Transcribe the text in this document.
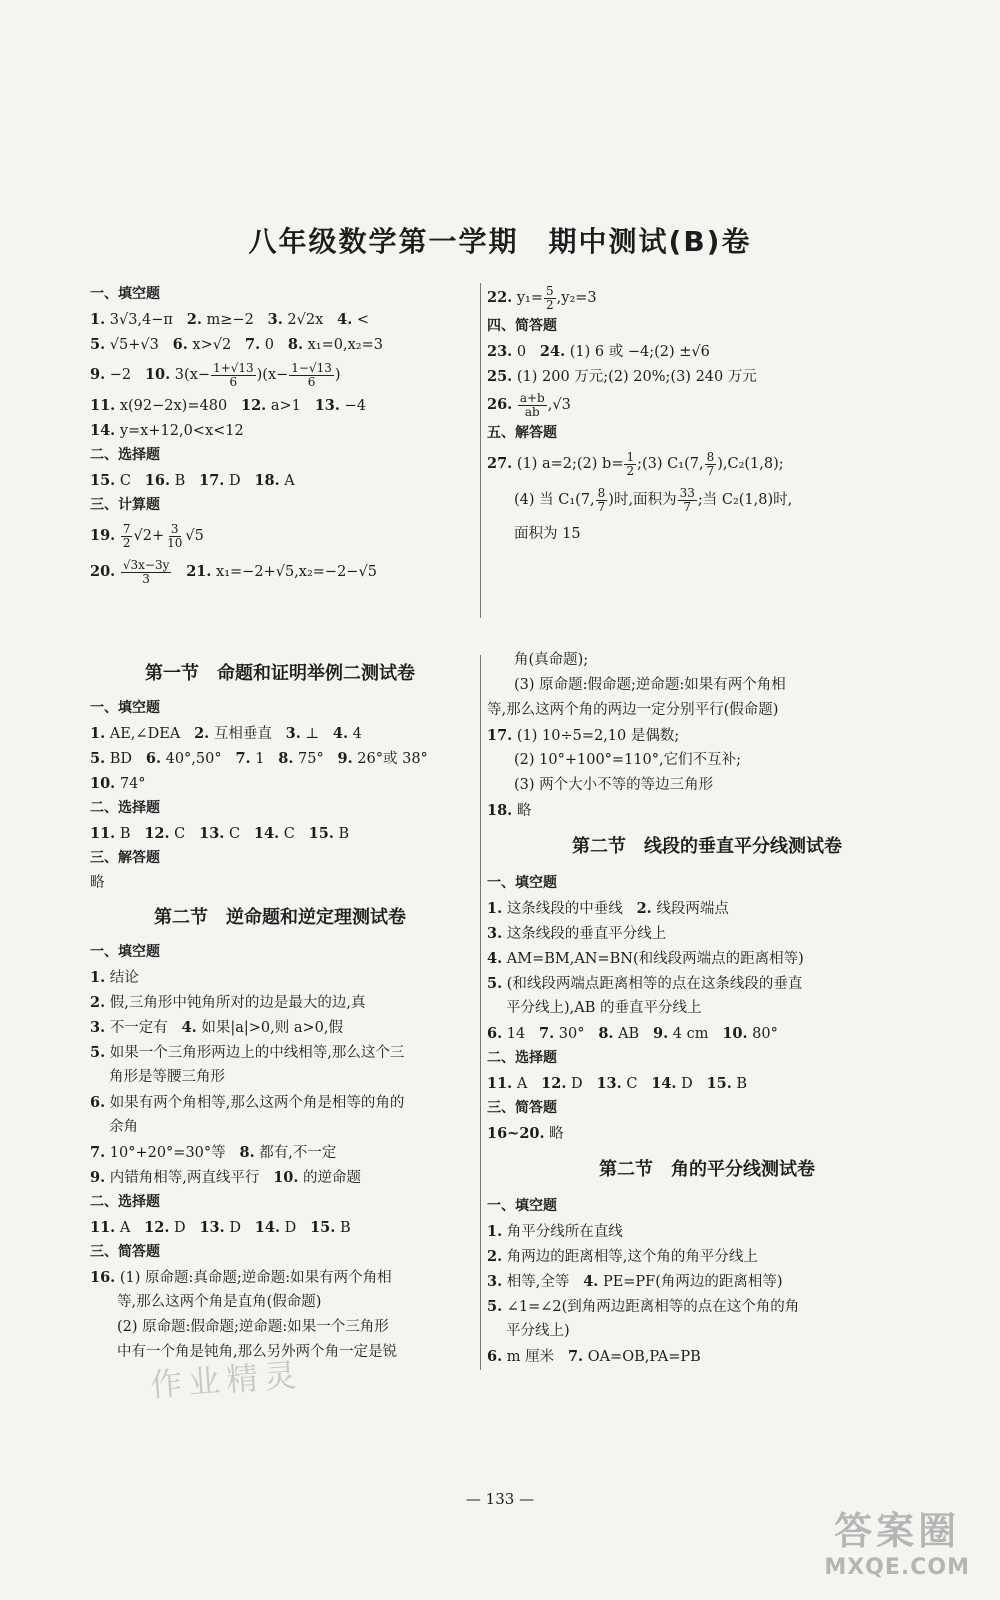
八年级数学第一学期　期中测试(B)卷
一、填空题
1. 3√3,4−π 2. m≥−2 3. 2√2x 4. <
5. √5+√3 6. x>√2 7. 0 8. x₁=0,x₂=3
9. −2 10. $3(x- \frac{1+√13}{6} )(x- \frac{1-√13}{6}$ )
11. x(92−2x)=480 12. a>1 13. −4
14. y=x+12,0<x<12
二、选择题
15. C 16. B 17. D 18. A
三、计算题
19. $\frac{7}{2} √2+ \frac{3}{10} √5$
20. $\frac{√3x-3y}{3} 21$. x₁=−2+√5,x₂=−2−√5
22. $y_1= \frac{5}{2} ,y_2=3$
四、简答题
23. 0 24. (1) 6 或 −4;(2) ±√6
25. (1) 200 万元;(2) 20%;(3) 240 万元
26. $\frac{a+b}{ab} ,√3$
五、解答题
27. (1) a=2;(2) $b= \frac{1}{2}$ ;(3) C₁(7, $\frac{8}{7} ),C_2(1,8)$;
(4) 当 C₁(7, $\frac{8}{7}$ )时,面积为 $\frac{33}{7}$ ;当 C₂(1,8)时,
面积为 15
第一节　命题和证明举例二测试卷
一、填空题
1. AE,∠DEA 2. 互相垂直 3. ⊥ 4. 4
5. BD 6. 40°,50° 7. 1 8. 75° 9. 26°或 38°
10. 74°
二、选择题
11. B 12. C 13. C 14. C 15. B
三、解答题
略
第二节　逆命题和逆定理测试卷
一、填空题
1. 结论
2. 假,三角形中钝角所对的边是最大的边,真
3. 不一定有 4. 如果|a|>0,则 a>0,假
5. 如果一个三角形两边上的中线相等,那么这个三
角形是等腰三角形
6. 如果有两个角相等,那么这两个角是相等的角的
余角
7. 10°+20°=30°等 8. 都有,不一定
9. 内错角相等,两直线平行 10. 的逆命题
二、选择题
11. A 12. D 13. D 14. D 15. B
三、简答题
16. (1) 原命题:真命题;逆命题:如果有两个角相
等,那么这两个角是直角(假命题)
(2) 原命题:假命题;逆命题:如果一个三角形
中有一个角是钝角,那么另外两个角一定是锐
角(真命题);
(3) 原命题:假命题;逆命题:如果有两个角相
等,那么这两个角的两边一定分别平行(假命题)
17. (1) 10÷5=2,10 是偶数;
(2) 10°+100°=110°,它们不互补;
(3) 两个大小不等的等边三角形
18. 略
第二节　线段的垂直平分线测试卷
一、填空题
1. 这条线段的中垂线 2. 线段两端点
3. 这条线段的垂直平分线上
4. AM=BM,AN=BN(和线段两端点的距离相等)
5. (和线段两端点距离相等的点在这条线段的垂直
平分线上),AB 的垂直平分线上
6. 14 7. 30° 8. AB 9. 4 cm 10. 80°
二、选择题
11. A 12. D 13. C 14. D 15. B
三、简答题
16~20. 略
第二节　角的平分线测试卷
一、填空题
1. 角平分线所在直线
2. 角两边的距离相等,这个角的角平分线上
3. 相等,全等 4. PE=PF(角两边的距离相等)
5. ∠1=∠2(到角两边距离相等的点在这个角的角
平分线上)
6. m 厘米 7. OA=OB,PA=PB
作业精灵
— 133 —
答案圈
MXQE.COM
